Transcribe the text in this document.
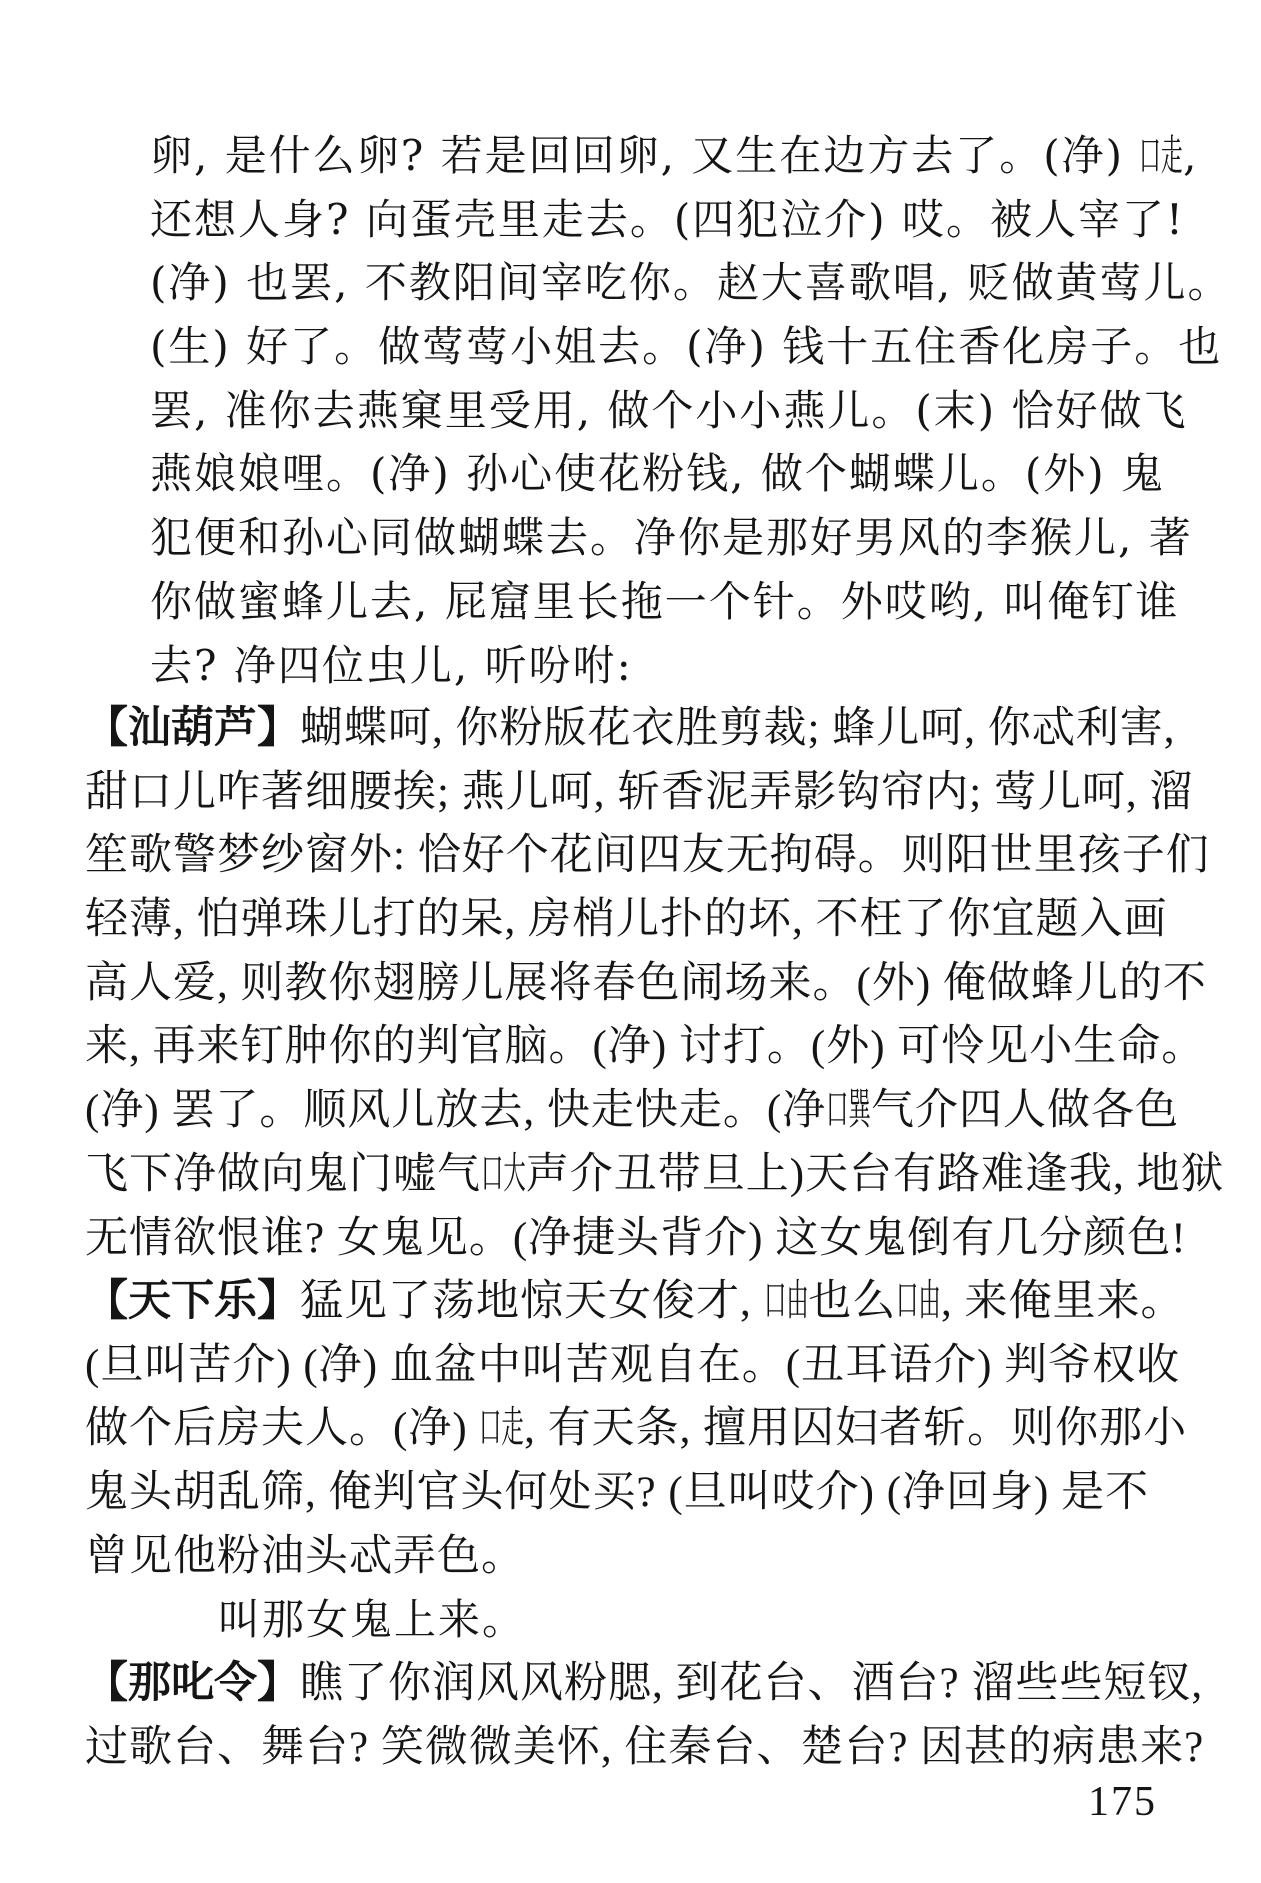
卵, 是什么卵? 若是回回卵, 又生在边方去了。(净) 口走,
还想人身? 向蛋壳里走去。(四犯泣介) 哎。被人宰了!
(净) 也罢, 不教阳间宰吃你。赵大喜歌唱, 贬做黄莺儿。
(生) 好了。做莺莺小姐去。(净) 钱十五住香化房子。也
罢, 准你去燕窠里受用, 做个小小燕儿。(末) 恰好做飞
燕娘娘哩。(净) 孙心使花粉钱, 做个蝴蝶儿。(外) 鬼
犯便和孙心同做蝴蝶去。净你是那好男风的李猴儿, 著
你做蜜蜂儿去, 屁窟里长拖一个针。外哎哟, 叫俺钉谁
去? 净四位虫儿, 听吩咐:
【汕葫芦】蝴蝶呵, 你粉版花衣胜剪裁; 蜂儿呵, 你忒利害,
甜口儿咋著细腰挨; 燕儿呵, 斩香泥弄影钩帘内; 莺儿呵, 溜
笙歌警梦纱窗外: 恰好个花间四友无拘碍。则阳世里孩子们
轻薄, 怕弹珠儿打的呆, 房梢儿扑的坏, 不枉了你宜题入画
高人爱, 则教你翅膀儿展将春色闹场来。(外) 俺做蜂儿的不
来, 再来钉肿你的判官脑。(净) 讨打。(外) 可怜见小生命。
(净) 罢了。顺风儿放去, 快走快走。(净口巽气介四人做各色
飞下净做向鬼门嘘气口大声介丑带旦上)天台有路难逢我, 地狱
无情欲恨谁? 女鬼见。(净捷头背介) 这女鬼倒有几分颜色!
【天下乐】猛见了荡地惊天女俊才, 口由也么口由, 来俺里来。
(旦叫苦介) (净) 血盆中叫苦观自在。(丑耳语介) 判爷权收
做个后房夫人。(净) 口走, 有天条, 擅用囚妇者斩。则你那小
鬼头胡乱筛, 俺判官头何处买? (旦叫哎介) (净回身) 是不
曾见他粉油头忒弄色。
叫那女鬼上来。
【那叱令】瞧了你润风风粉腮, 到花台、酒台? 溜些些短钗,
过歌台、舞台? 笑微微美怀, 住秦台、楚台? 因甚的病患来?
175
